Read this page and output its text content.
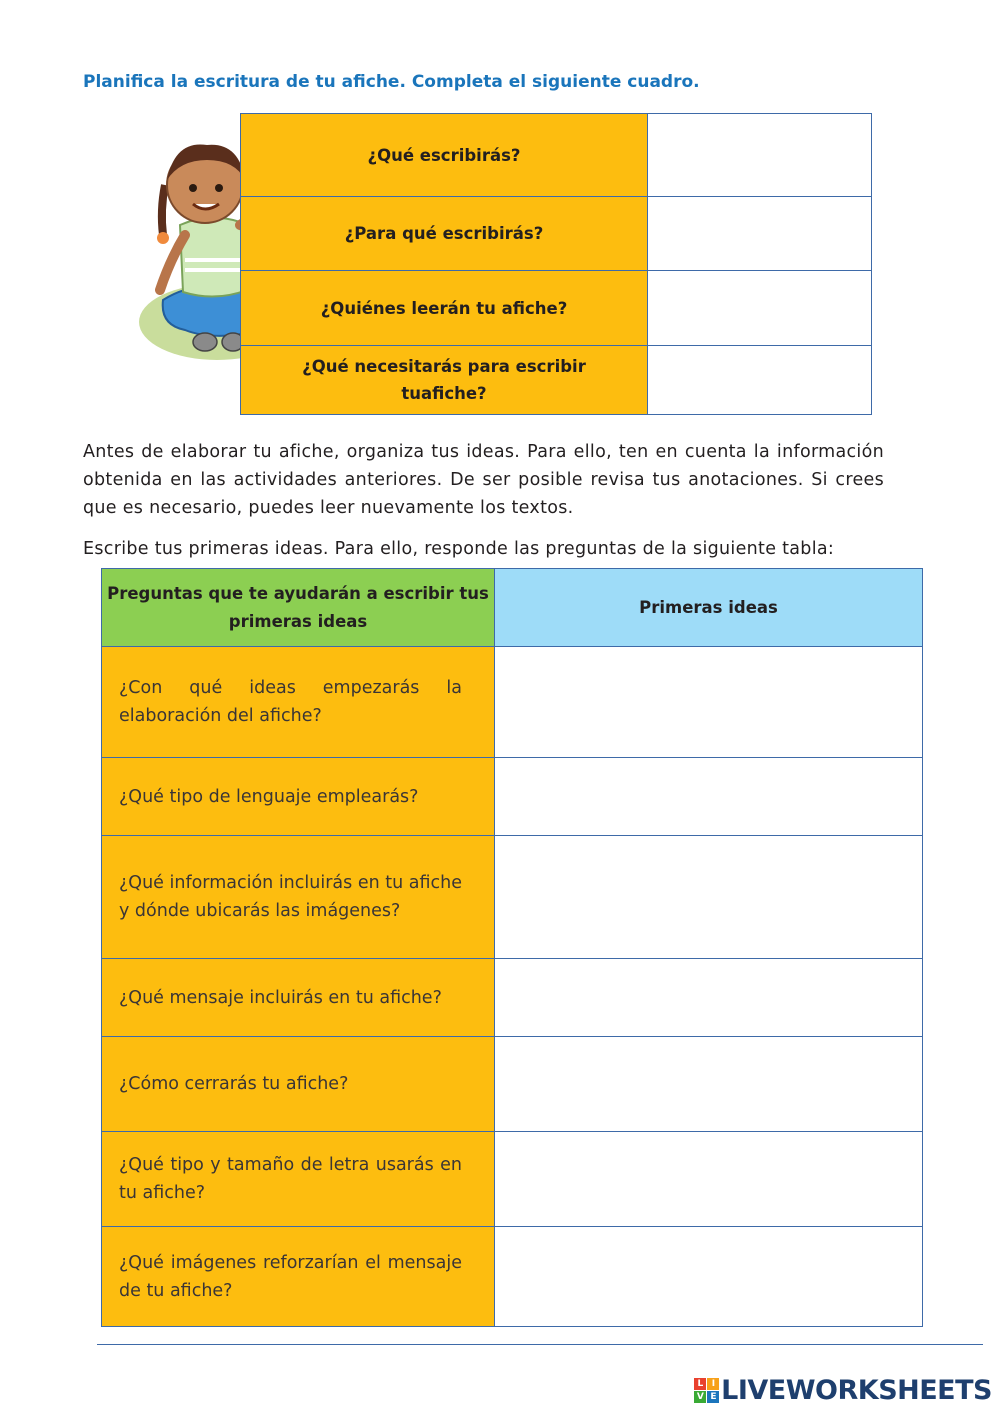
Planifica la escritura de tu afiche. Completa el siguiente cuadro.
¿Qué escribirás?	
¿Para qué escribirás?	
¿Quiénes leerán tu afiche?	
¿Qué necesitarás para escribir tuafiche?	
Antes de elaborar tu afiche, organiza tus ideas. Para ello, ten en cuenta la información obtenida en las actividades anteriores. De ser posible revisa tus anotaciones. Si crees que es necesario, puedes leer nuevamente los textos.
Escribe tus primeras ideas. Para ello, responde las preguntas de la siguiente tabla:
Preguntas que te ayudarán a escribir tus primeras ideas	Primeras ideas
¿Con qué ideas empezarás la elaboración del afiche?	
¿Qué tipo de lenguaje emplearás?	
¿Qué información incluirás en tu afiche y dónde ubicarás las imágenes?	
¿Qué mensaje incluirás en tu afiche?	
¿Cómo cerrarás tu afiche?	
¿Qué tipo y tamaño de letra usarás en tu afiche?	
¿Qué imágenes reforzarían el mensaje de tu afiche?	
L I
V E LIVEWORKSHEETS
